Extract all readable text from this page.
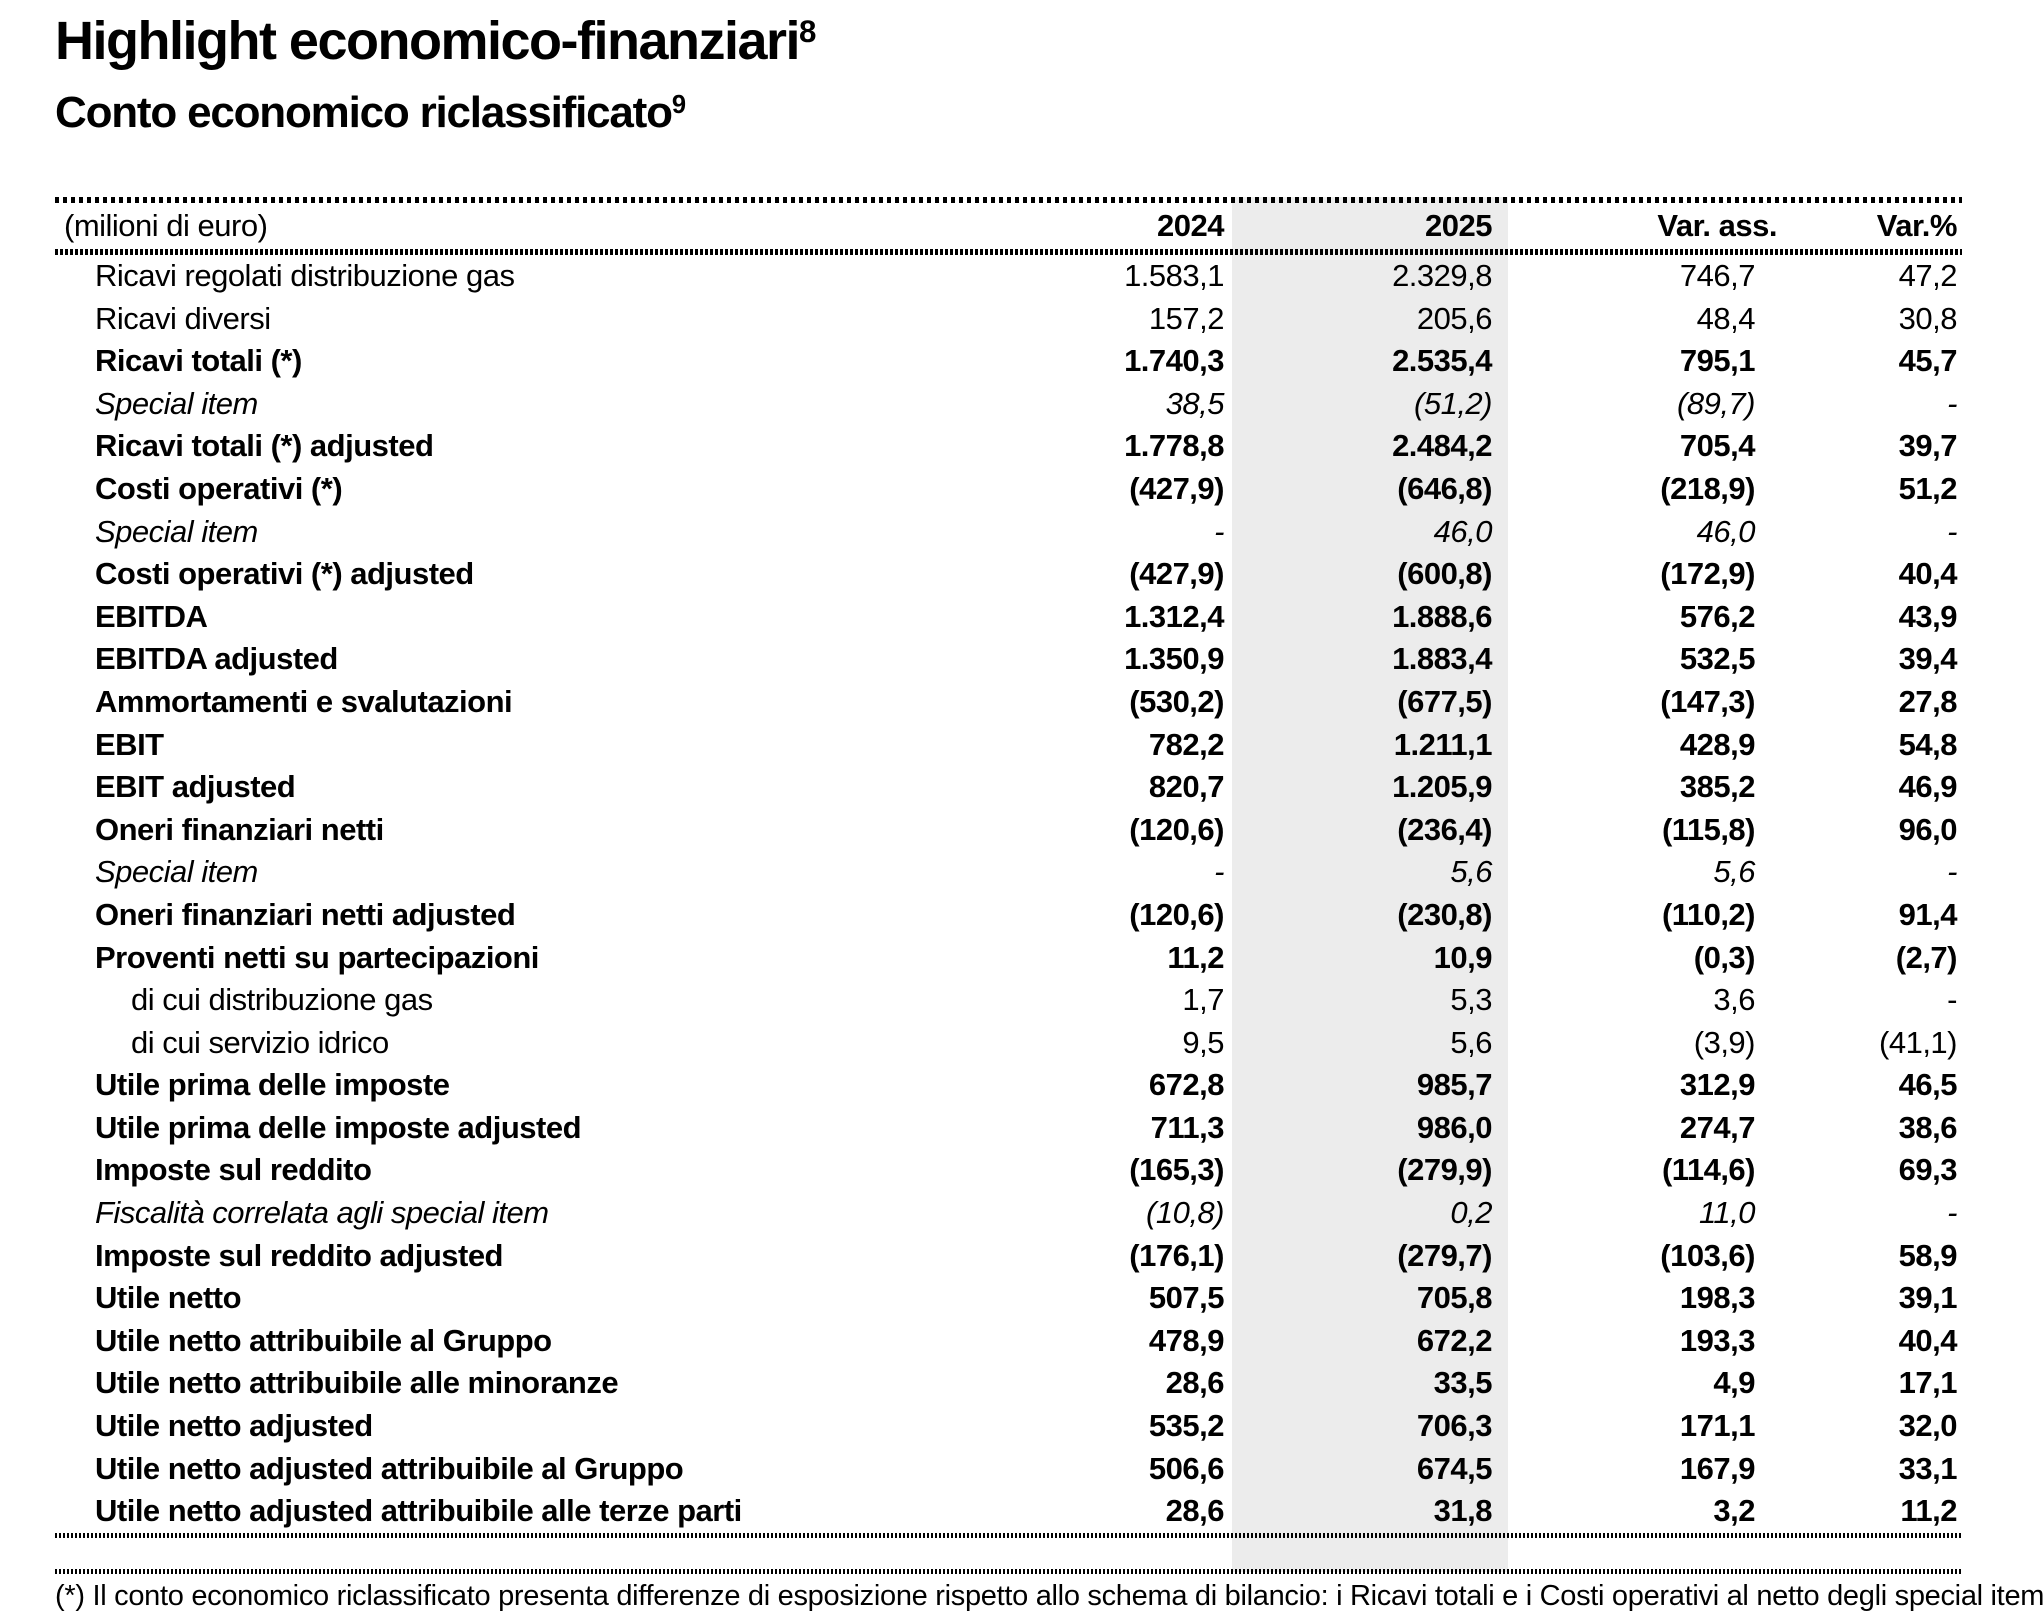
Highlight economico-finanziari$^8$
Conto economico riclassificato$^9$
(milioni di euro)	2024	2025	Var. ass.	Var.%
Ricavi regolati distribuzione gas	1.583,1	2.329,8	746,7	47,2
Ricavi diversi	157,2	205,6	48,4	30,8
Ricavi totali (*)	1.740,3	2.535,4	795,1	45,7
Special item	38,5	(51,2)	(89,7)	-
Ricavi totali (*) adjusted	1.778,8	2.484,2	705,4	39,7
Costi operativi (*)	(427,9)	(646,8)	(218,9)	51,2
Special item	-	46,0	46,0	-
Costi operativi (*) adjusted	(427,9)	(600,8)	(172,9)	40,4
EBITDA	1.312,4	1.888,6	576,2	43,9
EBITDA adjusted	1.350,9	1.883,4	532,5	39,4
Ammortamenti e svalutazioni	(530,2)	(677,5)	(147,3)	27,8
EBIT	782,2	1.211,1	428,9	54,8
EBIT adjusted	820,7	1.205,9	385,2	46,9
Oneri finanziari netti	(120,6)	(236,4)	(115,8)	96,0
Special item	-	5,6	5,6	-
Oneri finanziari netti adjusted	(120,6)	(230,8)	(110,2)	91,4
Proventi netti su partecipazioni	11,2	10,9	(0,3)	(2,7)
di cui distribuzione gas	1,7	5,3	3,6	-
di cui servizio idrico	9,5	5,6	(3,9)	(41,1)
Utile prima delle imposte	672,8	985,7	312,9	46,5
Utile prima delle imposte adjusted	711,3	986,0	274,7	38,6
Imposte sul reddito	(165,3)	(279,9)	(114,6)	69,3
Fiscalità correlata agli special item	(10,8)	0,2	11,0	-
Imposte sul reddito adjusted	(176,1)	(279,7)	(103,6)	58,9
Utile netto	507,5	705,8	198,3	39,1
Utile netto attribuibile al Gruppo	478,9	672,2	193,3	40,4
Utile netto attribuibile alle minoranze	28,6	33,5	4,9	17,1
Utile netto adjusted	535,2	706,3	171,1	32,0
Utile netto adjusted attribuibile al Gruppo	506,6	674,5	167,9	33,1
Utile netto adjusted attribuibile alle terze parti	28,6	31,8	3,2	11,2
(*) Il conto economico riclassificato presenta differenze di esposizione rispetto allo schema di bilancio: i Ricavi totali e i Costi operativi al netto degli special item
